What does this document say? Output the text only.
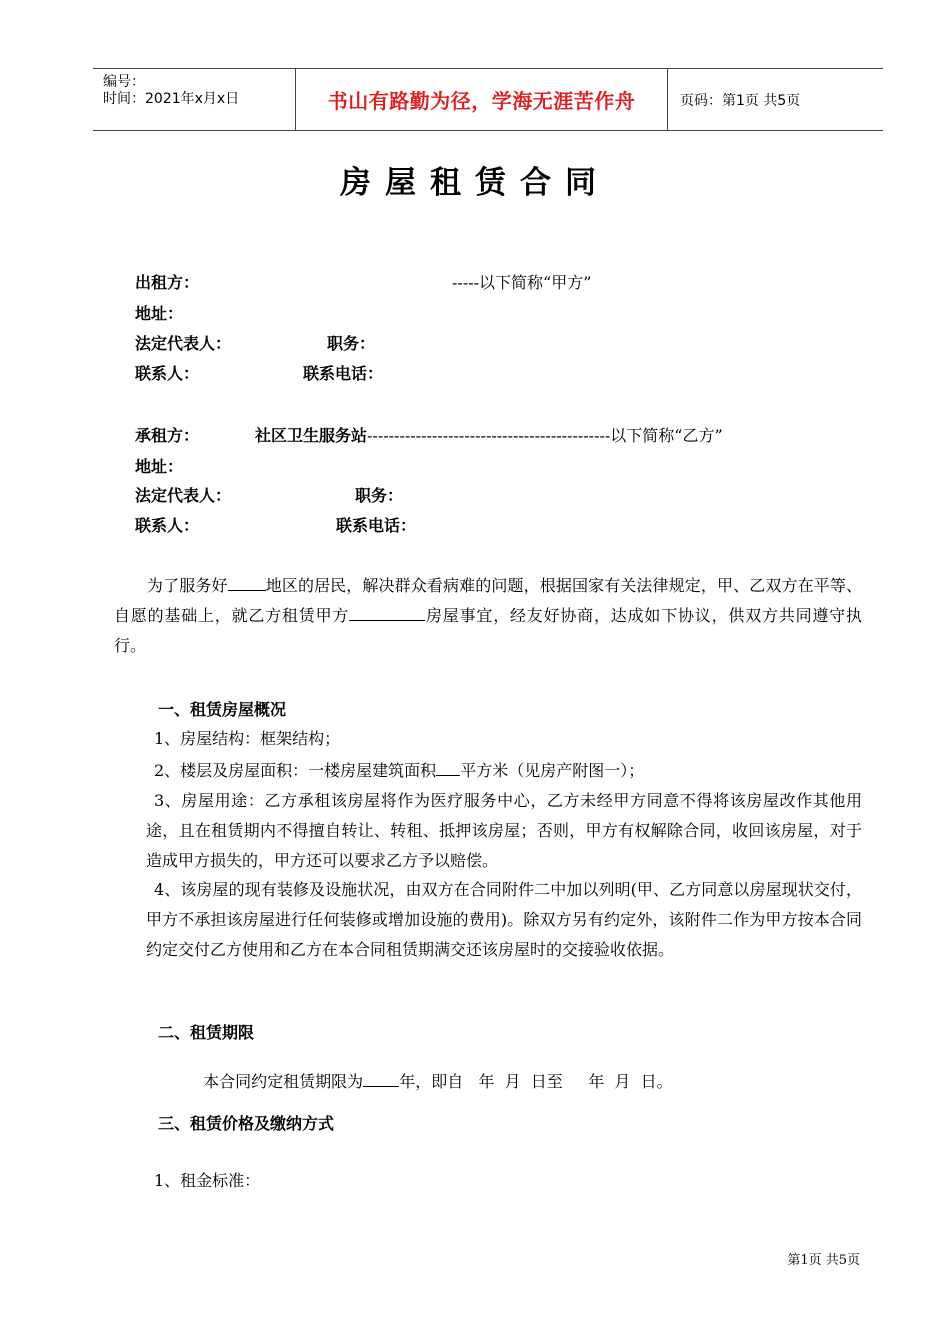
编号：
时间：2021年x月x日	书山有路勤为径，学海无涯苦作舟	页码：第1页 共5页
房屋租赁合同
出租方：	-----以下简称“甲方”
地址：
法定代表人：	职务：
联系人：	联系电话：
承租方：	社区卫生服务站---------------------------------------------以下简称“乙方”
地址：
法定代表人：	职务：
联系人：	联系电话：

为了服务好 地区的居民，解决群众看病难的问题，根据国家有关法律规定，甲、乙双方在平等、自愿的基础上，就乙方租赁甲方	房屋事宜，经友好协商，达成如下协议，供双方共同遵守执行。

一、租赁房屋概况
1、房屋结构：框架结构；
2、楼层及房屋面积：一楼房屋建筑面积 平方米（见房产附图一）；
3、房屋用途：乙方承租该房屋将作为医疗服务中心，乙方未经甲方同意不得将该房屋改作其他用途，且在租赁期内不得擅自转让、转租、抵押该房屋；否则，甲方有权解除合同，收回该房屋，对于造成甲方损失的，甲方还可以要求乙方予以赔偿。
4、该房屋的现有装修及设施状况，由双方在合同附件二中加以列明(甲、乙方同意以房屋现状交付，甲方不承担该房屋进行任何装修或增加设施的费用)。除双方另有约定外，该附件二作为甲方按本合同约定交付乙方使用和乙方在本合同租赁期满交还该房屋时的交接验收依据。
二、租赁期限

本合同约定租赁期限为 年，即自   年  月  日至     年  月  日。

三、租赁价格及缴纳方式
1、租金标准：
第1页 共5页
